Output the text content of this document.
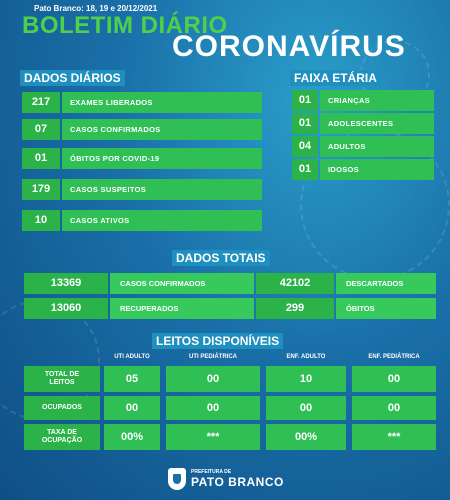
Pato Branco: 18, 19 e 20/12/2021
BOLETIM DIÁRIO
CORONAVÍRUS
DADOS DIÁRIOS
217	EXAMES LIBERADOS
07	CASOS CONFIRMADOS
01	ÓBITOS POR COVID-19
179	CASOS SUSPEITOS
10	CASOS ATIVOS
FAIXA ETÁRIA
01	CRIANÇAS
01	ADOLESCENTES
04	ADULTOS
01	IDOSOS
DADOS TOTAIS
13369	CASOS CONFIRMADOS	42102	DESCARTADOS
13060	RECUPERADOS	299	ÓBITOS
LEITOS DISPONÍVEIS
UTI ADULTO	UTI PEDIÁTRICA	ENF. ADULTO	ENF. PEDIÁTRICA
TOTAL DE
LEITOS	05	00	10	00
OCUPADOS	00	00	00	00
TAXA DE
OCUPAÇÃO	00%	***	00%	***
PREFEITURA DE
PATO BRANCO
